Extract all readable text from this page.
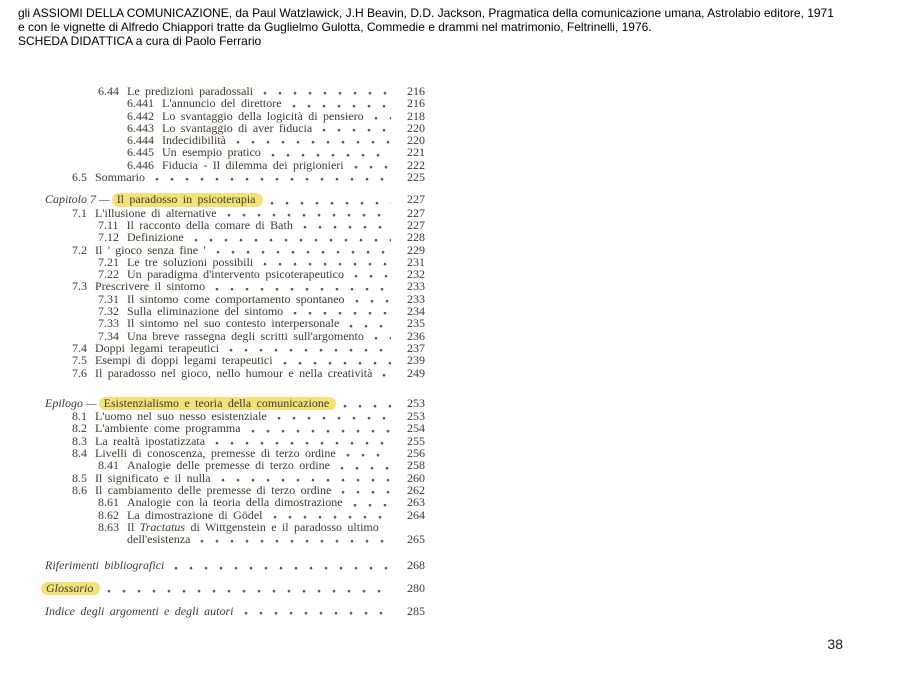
gli ASSIOMI DELLA COMUNICAZIONE, da Paul Watzlawick, J.H Beavin, D.D. Jackson, Pragmatica della comunicazione umana, Astrolabio editore, 1971
e con le vignette di Alfredo Chiappori tratte da Guglielmo Gulotta, Commedie e drammi nel matrimonio, Feltrinelli, 1976.
SCHEDA DIDATTICA a cura di Paolo Ferrario
6.44 Le predizioni paradossali	216
6.441 L'annuncio del direttore	216
6.442 Lo svantaggio della logicità di pensiero	218
6.443 Lo svantaggio di aver fiducia	220
6.444 Indecidibilità	220
6.445 Un esempio pratico	221
6.446 Fiducia - Il dilemma dei prigionieri	222
6.5 Sommario	225
Capitolo 7 — Il paradosso in psicoterapia	227
7.1 L'illusione di alternative	227
7.11 Il racconto della comare di Bath	227
7.12 Definizione	228
7.2 Il ' gioco senza fine '	229
7.21 Le tre soluzioni possibili	231
7.22 Un paradigma d'intervento psicoterapeutico	232
7.3 Prescrivere il sintomo	233
7.31 Il sintomo come comportamento spontaneo	233
7.32 Sulla eliminazione del sintomo	234
7.33 Il sintomo nel suo contesto interpersonale	235
7.34 Una breve rassegna degli scritti sull'argomento	236
7.4 Doppi legami terapeutici	237
7.5 Esempi di doppi legami terapeutici	239
7.6 Il paradosso nel gioco, nello humour e nella creatività	249
Epilogo — Esistenzialismo e teoria della comunicazione	253
8.1 L'uomo nel suo nesso esistenziale	253
8.2 L'ambiente come programma	254
8.3 La realtà ipostatizzata	255
8.4 Livelli di conoscenza, premesse di terzo ordine	256
8.41 Analogie delle premesse di terzo ordine	258
8.5 Il significato e il nulla	260
8.6 Il cambiamento delle premesse di terzo ordine	262
8.61 Analogie con la teoria della dimostrazione	263
8.62 La dimostrazione di Gödel	264
8.63 Il Tractatus di Wittgenstein e il paradosso ultimo
dell'esistenza	265
Riferimenti bibliografici	268
Glossario	280
Indice degli argomenti e degli autori	285
38
